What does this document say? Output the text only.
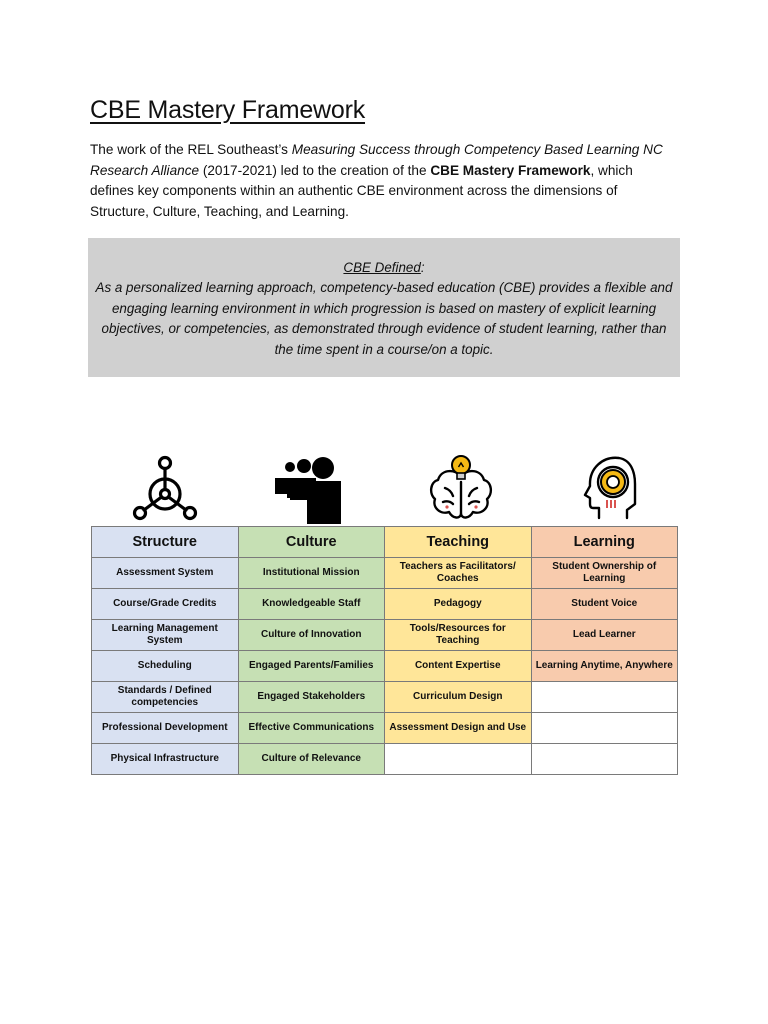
CBE Mastery Framework

The work of the REL Southeast’s Measuring Success through Competency Based Learning NC Research Alliance (2017-2021) led to the creation of the CBE Mastery Framework, which defines key components within an authentic CBE environment across the dimensions of Structure, Culture, Teaching, and Learning.

CBE Defined:
As a personalized learning approach, competency-based education (CBE) provides a flexible and engaging learning environment in which progression is based on mastery of explicit learning objectives, or competencies, as demonstrated through evidence of student learning, rather than the time spent in a course/on a topic.
Structure	Culture	Teaching	Learning
Assessment System	Institutional Mission	Teachers as Facilitators/ Coaches	Student Ownership of Learning
Course/Grade Credits	Knowledgeable Staff	Pedagogy	Student Voice
Learning Management System	Culture of Innovation	Tools/Resources for Teaching	Lead Learner
Scheduling	Engaged Parents/Families	Content Expertise	Learning Anytime, Anywhere
Standards / Defined competencies	Engaged Stakeholders	Curriculum Design	
Professional Development	Effective Communications	Assessment Design and Use	
Physical Infrastructure	Culture of Relevance		
